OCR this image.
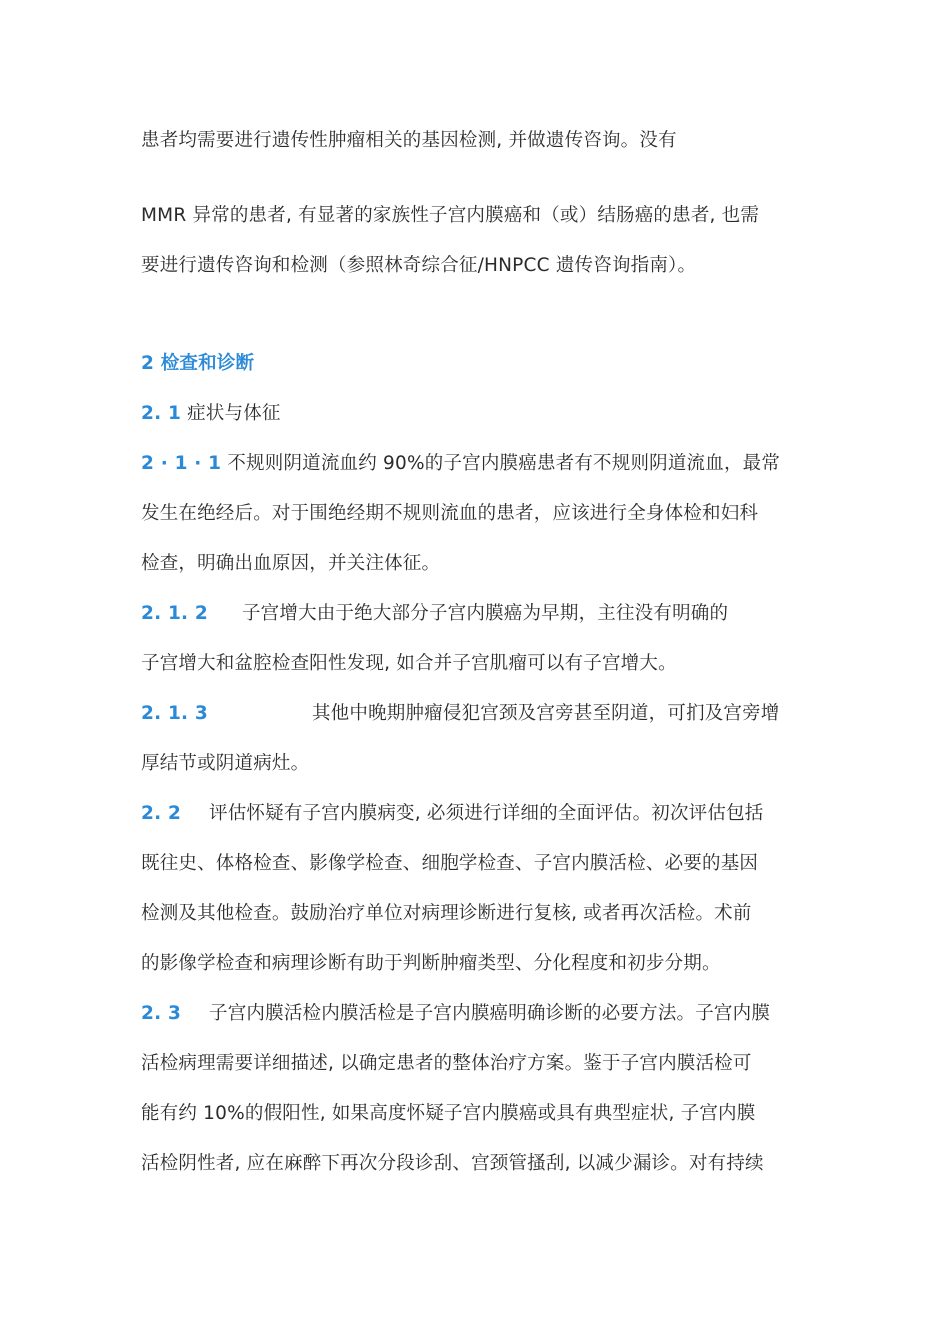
患者均需要进行遗传性肿瘤相关的基因检测, 并做遗传咨询。没有
MMR 异常的患者, 有显著的家族性子宫内膜癌和（或）结肠癌的患者, 也需
要进行遗传咨询和检测（参照林奇综合征/HNPCC 遗传咨询指南）。
2 检查和诊断
2. 1 症状与体征
2 · 1 · 1 不规则阴道流血约 90%的子宫内膜癌患者有不规则阴道流血，最常
发生在绝经后。对于围绝经期不规则流血的患者，应该进行全身体检和妇科
检查，明确出血原因，并关注体征。
2. 1. 2 子宫增大由于绝大部分子宫内膜癌为早期，主往没有明确的
子宫增大和盆腔检查阳性发现, 如合并子宫肌瘤可以有子宫增大。
2. 1. 3	其他中晚期肿瘤侵犯宫颈及宫旁甚至阴道，可扪及宫旁增
厚结节或阴道病灶。
2. 2 评估怀疑有子宫内膜病变, 必须进行详细的全面评估。初次评估包括
既往史、体格检查、影像学检查、细胞学检查、子宫内膜活检、必要的基因
检测及其他检查。鼓励治疗单位对病理诊断进行复核, 或者再次活检。术前
的影像学检查和病理诊断有助于判断肿瘤类型、分化程度和初步分期。
2. 3 子宫内膜活检内膜活检是子宫内膜癌明确诊断的必要方法。子宫内膜
活检病理需要详细描述, 以确定患者的整体治疗方案。鉴于子宫内膜活检可
能有约 10%的假阳性, 如果高度怀疑子宫内膜癌或具有典型症状, 子宫内膜
活检阴性者, 应在麻醉下再次分段诊刮、宫颈管搔刮, 以减少漏诊。对有持续
